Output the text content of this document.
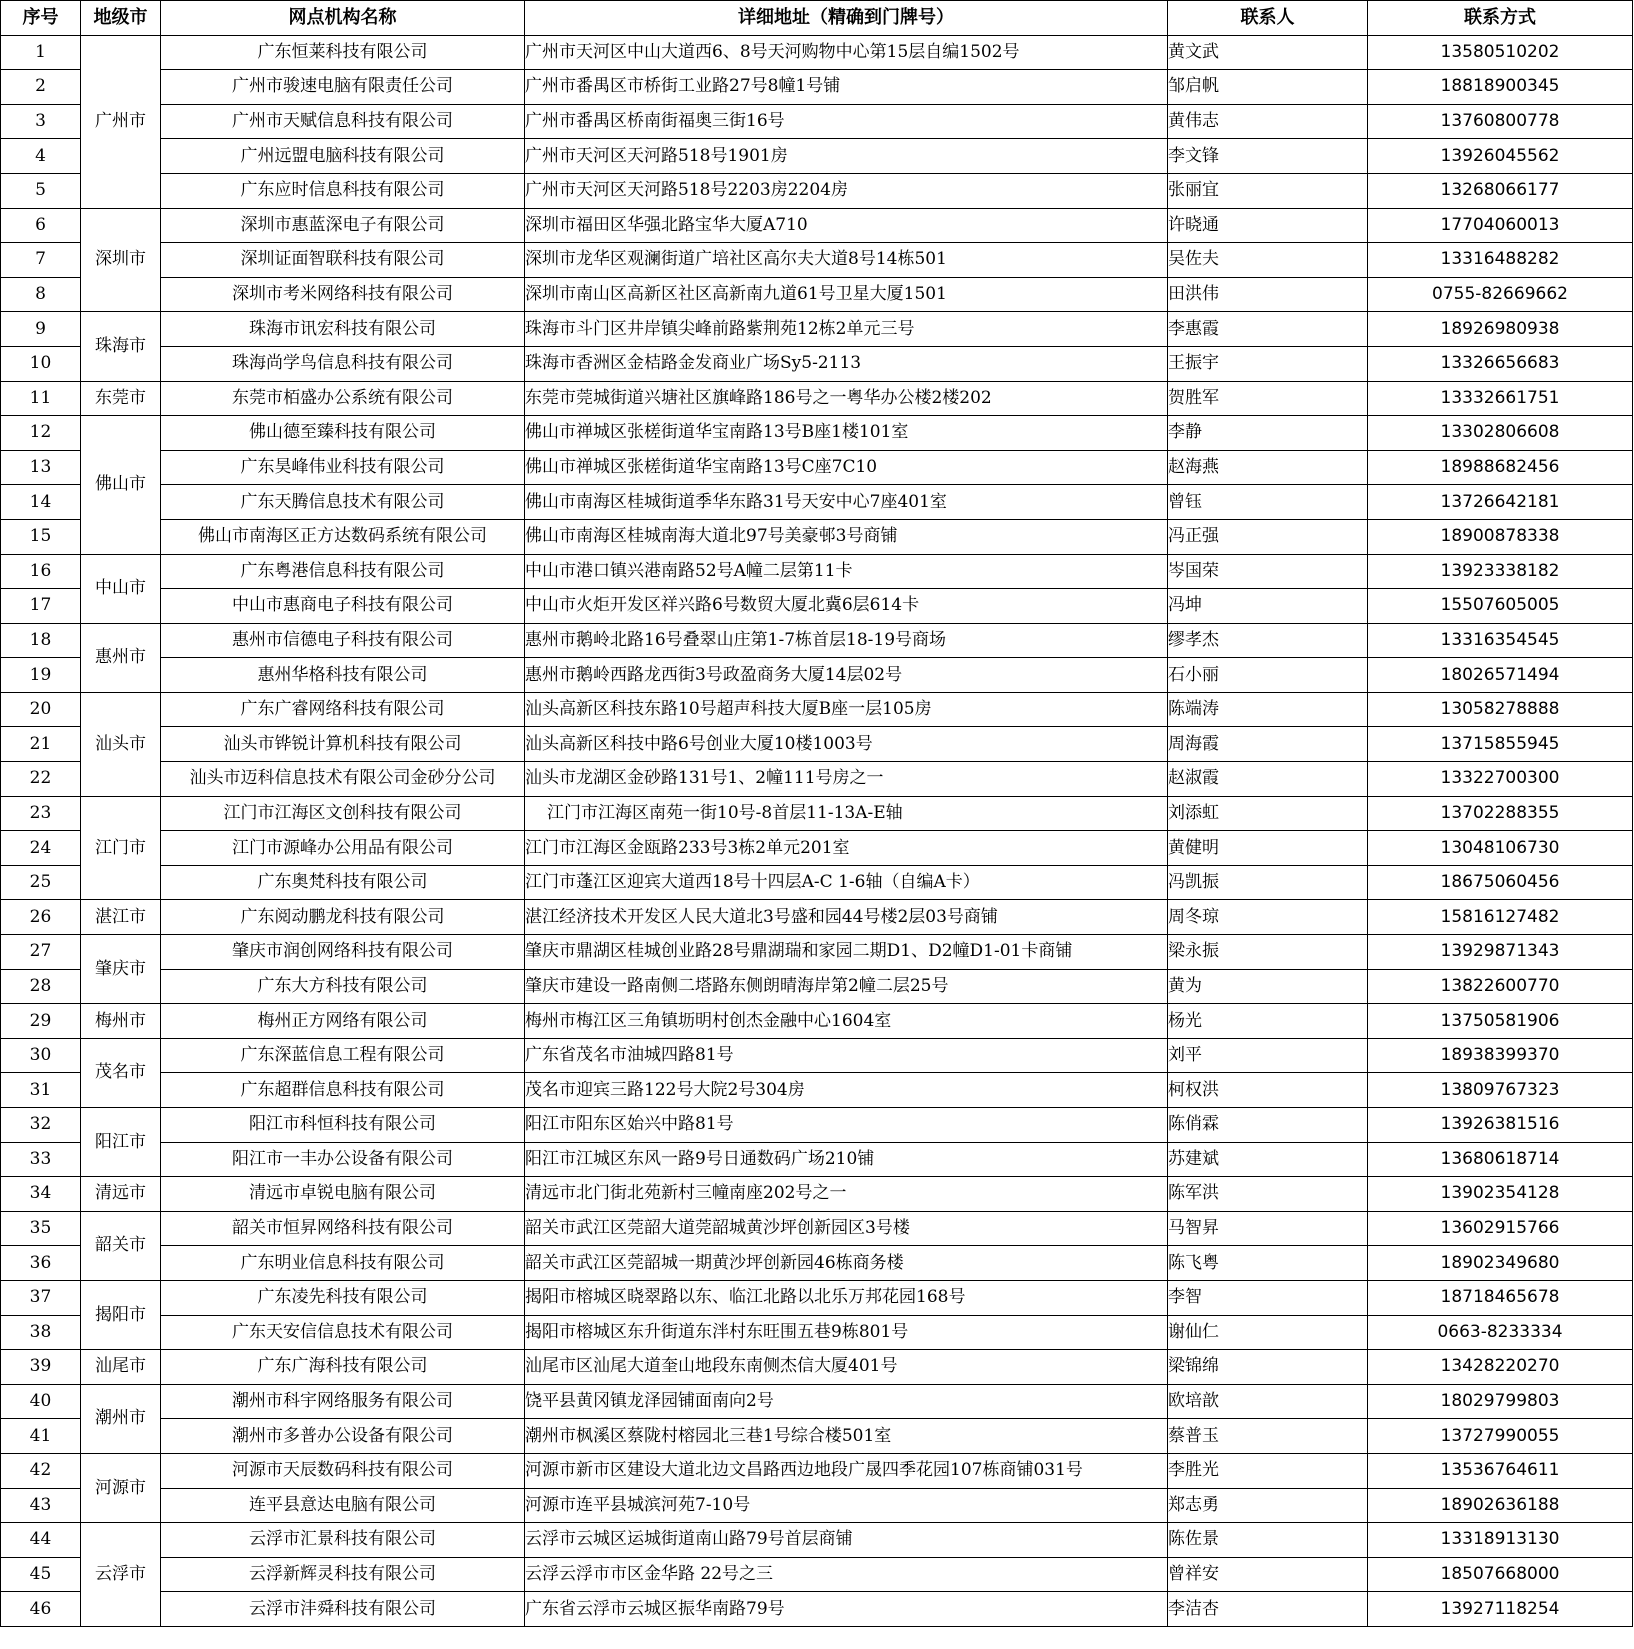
序号	地级市	网点机构名称	详细地址（精确到门牌号）	联系人	联系方式
1	广州市	广东恒莱科技有限公司	广州市天河区中山大道西6、8号天河购物中心第15层自编1502号	黄文武	13580510202
2		广州市骏速电脑有限责任公司	广州市番禺区市桥街工业路27号8幢1号铺	邹启帆	18818900345
3		广州市天赋信息科技有限公司	广州市番禺区桥南街福奥三街16号	黄伟志	13760800778
4		广州远盟电脑科技有限公司	广州市天河区天河路518号1901房	李文锋	13926045562
5		广东应时信息科技有限公司	广州市天河区天河路518号2203房2204房	张丽宜	13268066177
6	深圳市	深圳市惠蓝深电子有限公司	深圳市福田区华强北路宝华大厦A710	许晓通	17704060013
7		深圳证面智联科技有限公司	深圳市龙华区观澜街道广培社区高尔夫大道8号14栋501	吴佐夫	13316488282
8		深圳市考米网络科技有限公司	深圳市南山区高新区社区高新南九道61号卫星大厦1501	田洪伟	0755-82669662
9	珠海市	珠海市讯宏科技有限公司	珠海市斗门区井岸镇尖峰前路紫荆苑12栋2单元三号	李惠霞	18926980938
10		珠海尚学鸟信息科技有限公司	珠海市香洲区金桔路金发商业广场Sy5-2113	王振宇	13326656683
11	东莞市	东莞市栢盛办公系统有限公司	东莞市莞城街道兴塘社区旗峰路186号之一粤华办公楼2楼202	贺胜军	13332661751
12	佛山市	佛山德至臻科技有限公司	佛山市禅城区张槎街道华宝南路13号B座1楼101室	李静	13302806608
13		广东昊峰伟业科技有限公司	佛山市禅城区张槎街道华宝南路13号C座7C10	赵海燕	18988682456
14		广东天腾信息技术有限公司	佛山市南海区桂城街道季华东路31号天安中心7座401室	曾钰	13726642181
15		佛山市南海区正方达数码系统有限公司	佛山市南海区桂城南海大道北97号美豪邨3号商铺	冯正强	18900878338
16	中山市	广东粤港信息科技有限公司	中山市港口镇兴港南路52号A幢二层第11卡	岑国荣	13923338182
17		中山市惠商电子科技有限公司	中山市火炬开发区祥兴路6号数贸大厦北冀6层614卡	冯坤	15507605005
18	惠州市	惠州市信德电子科技有限公司	惠州市鹅岭北路16号叠翠山庄第1-7栋首层18-19号商场	缪孝杰	13316354545
19		惠州华格科技有限公司	惠州市鹅岭西路龙西街3号政盈商务大厦14层02号	石小丽	18026571494
20	汕头市	广东广睿网络科技有限公司	汕头高新区科技东路10号超声科技大厦B座一层105房	陈端涛	13058278888
21		汕头市铧锐计算机科技有限公司	汕头高新区科技中路6号创业大厦10楼1003号	周海霞	13715855945
22		汕头市迈科信息技术有限公司金砂分公司	汕头市龙湖区金砂路131号1、2幢111号房之一	赵淑霞	13322700300
23	江门市	江门市江海区文创科技有限公司	江门市江海区南苑一街10号-8首层11-13A-E轴	刘添虹	13702288355
24		江门市源峰办公用品有限公司	江门市江海区金瓯路233号3栋2单元201室	黄健明	13048106730
25		广东奥梵科技有限公司	江门市蓬江区迎宾大道西18号十四层A-C 1-6轴（自编A卡）	冯凯振	18675060456
26	湛江市	广东阅动鹏龙科技有限公司	湛江经济技术开发区人民大道北3号盛和园44号楼2层03号商铺	周冬琼	15816127482
27	肇庆市	肇庆市润创网络科技有限公司	肇庆市鼎湖区桂城创业路28号鼎湖瑞和家园二期D1、D2幢D1-01卡商铺	梁永振	13929871343
28		广东大方科技有限公司	肇庆市建设一路南侧二塔路东侧朗晴海岸第2幢二层25号	黄为	13822600770
29	梅州市	梅州正方网络有限公司	梅州市梅江区三角镇坜明村创杰金融中心1604室	杨光	13750581906
30	茂名市	广东深蓝信息工程有限公司	广东省茂名市油城四路81号	刘平	18938399370
31		广东超群信息科技有限公司	茂名市迎宾三路122号大院2号304房	柯权洪	13809767323
32	阳江市	阳江市科恒科技有限公司	阳江市阳东区始兴中路81号	陈俏霖	13926381516
33		阳江市一丰办公设备有限公司	阳江市江城区东风一路9号日通数码广场210铺	苏建斌	13680618714
34	清远市	清远市卓锐电脑有限公司	清远市北门街北苑新村三幢南座202号之一	陈军洪	13902354128
35	韶关市	韶关市恒昇网络科技有限公司	韶关市武江区莞韶大道莞韶城黄沙坪创新园区3号楼	马智昇	13602915766
36		广东明业信息科技有限公司	韶关市武江区莞韶城一期黄沙坪创新园46栋商务楼	陈飞粤	18902349680
37	揭阳市	广东凌先科技有限公司	揭阳市榕城区晓翠路以东、临江北路以北乐万邦花园168号	李智	18718465678
38		广东天安信信息技术有限公司	揭阳市榕城区东升街道东泮村东旺围五巷9栋801号	谢仙仁	0663-8233334
39	汕尾市	广东广海科技有限公司	汕尾市区汕尾大道奎山地段东南侧杰信大厦401号	梁锦绵	13428220270
40	潮州市	潮州市科宇网络服务有限公司	饶平县黄冈镇龙泽园铺面南向2号	欧培歆	18029799803
41		潮州市多普办公设备有限公司	潮州市枫溪区蔡陇村榕园北三巷1号综合楼501室	蔡普玉	13727990055
42	河源市	河源市天辰数码科技有限公司	河源市新市区建设大道北边文昌路西边地段广晟四季花园107栋商铺031号	李胜光	13536764611
43		连平县意达电脑有限公司	河源市连平县城滨河苑7-10号	郑志勇	18902636188
44	云浮市	云浮市汇景科技有限公司	云浮市云城区运城街道南山路79号首层商铺	陈佐景	13318913130
45		云浮新辉灵科技有限公司	云浮云浮市市区金华路 22号之三	曾祥安	18507668000
46		云浮市沣舜科技有限公司	广东省云浮市云城区振华南路79号	李洁杏	13927118254
